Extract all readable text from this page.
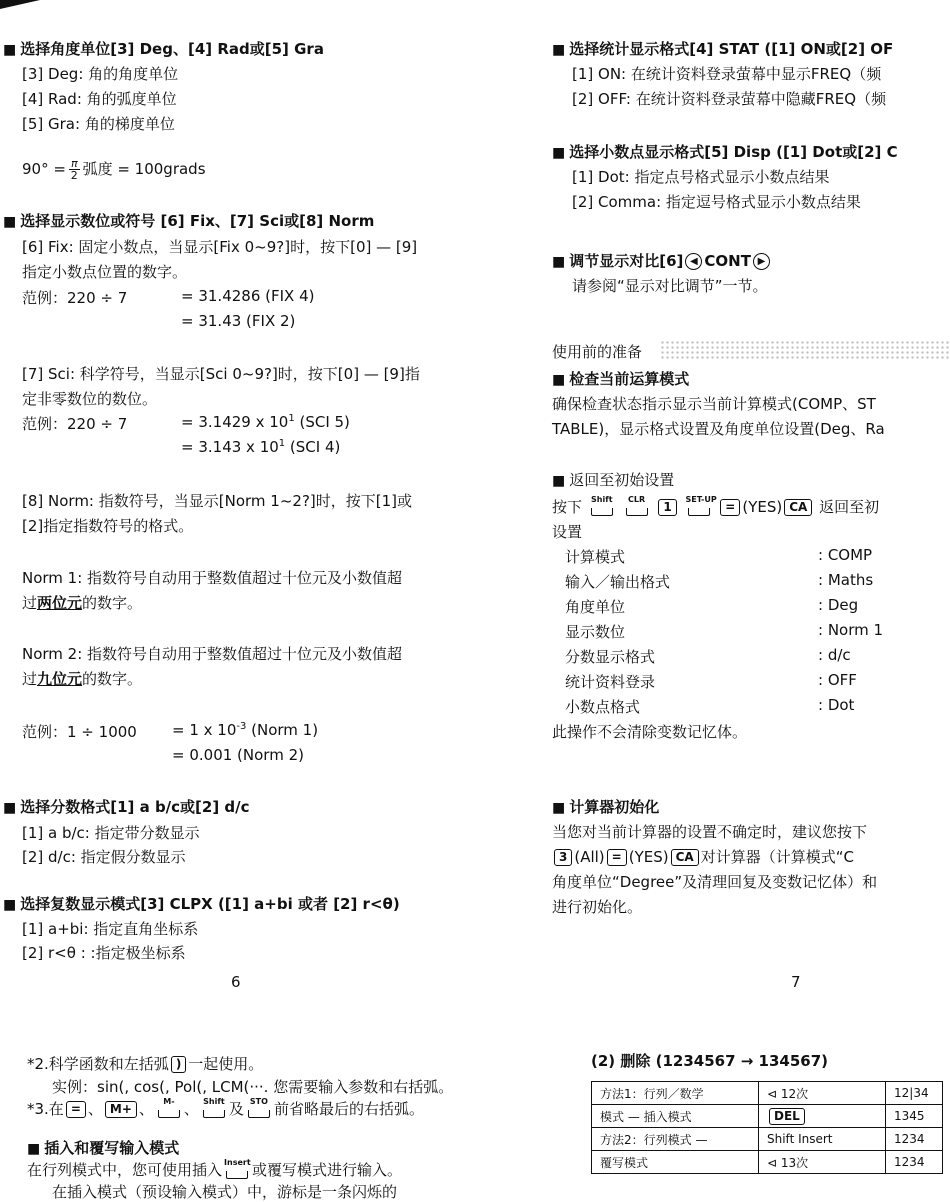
■ 选择角度单位[3] Deg、[4] Rad或[5] Gra
[3] Deg: 角的角度单位
[4] Rad: 角的弧度单位
[5] Gra: 角的梯度单位
$90^\circ = \frac{\pi}{2}$ 弧度 = 100grads
■ 选择显示数位或符号 [6] Fix、[7] Sci或[8] Norm
[6] Fix: 固定小数点，当显示[Fix 0~9?]时，按下[0] — [9]
指定小数点位置的数字。
范例：220 ÷ 7	= 31.4286 (FIX 4)
= 31.43 (FIX 2)
[7] Sci: 科学符号，当显示[Sci 0~9?]时，按下[0] — [9]指
定非零数位的数位。
范例：220 ÷ 7	= 3.1429 x $10^1$ (SCI 5)
= 3.143 x $10^1$ (SCI 4)
[8] Norm: 指数符号，当显示[Norm 1~2?]时，按下[1]或
[2]指定指数符号的格式。
Norm 1: 指数符号自动用于整数值超过十位元及小数值超
过两位元的数字。
Norm 2: 指数符号自动用于整数值超过十位元及小数值超
过九位元的数字。
范例：1 ÷ 1000 = 1 x $10^{-3}$ (Norm 1)
= 0.001 (Norm 2)
■ 选择分数格式[1] a b/c或[2] d/c
[1] a b/c: 指定带分数显示
[2] d/c: 指定假分数显示
■ 选择复数显示模式[3] CLPX ([1] a+bi 或者 [2] r<θ)
[1] a+bi: 指定直角坐标系
[2] r<θ : :指定极坐标系
6
■ 选择统计显示格式[4] STAT ([1] ON或[2] OF
[1] ON: 在统计资料登录萤幕中显示FREQ（频
[2] OFF: 在统计资料登录萤幕中隐藏FREQ（频
■ 选择小数点显示格式[5] Disp ([1] Dot或[2] C
[1] Dot: 指定点号格式显示小数点结果
[2] Comma: 指定逗号格式显示小数点结果
■ 调节显示对比[6] ◀ CONT ▶
请参阅“显示对比调节”一节。
使用前的准备
■ 检查当前运算模式
确保检查状态指示显示当前计算模式(COMP、ST
TABLE)，显示格式设置及角度单位设置(Deg、Ra
■ 返回至初始设置
按下 Shift
	CLR
1
SET-UP
= (YES) CA 返回至初
设置
计算模式	: COMP
输入／输出格式	: Maths
角度单位	: Deg
显示数位	: Norm 1
分数显示格式	: d/c
统计资料登录	: OFF
小数点格式	: Dot
此操作不会清除变数记忆体。
■ 计算器初始化
当您对当前计算器的设置不确定时，建议您按下
3 (All) = (YES) CA 对计算器（计算模式“C
角度单位“Degree”及清理回复及变数记忆体）和
进行初始化。
7
*2.科学函数和左括弧 ) 一起使用。
实例：sin(, cos(, Pol(, LCM(···. 您需要输入参数和右括弧。
*3.在 = 、 M+ 、	M- 、 Shift 及 STO 前省略最后的右括弧。
■ 插入和覆写输入模式
在行列模式中，您可使用插入 Insert 或覆写模式进行输入。
在插入模式（预设输入模式）中，游标是一条闪烁的
(2) 删除 (1234567 → 134567)
方法1：行列／数学	⊲ 12次	12|34
模式 — 插入模式	DEL	1345
方法2：行列模式 —	Shift Insert	1234
覆写模式	⊲ 13次	1234
